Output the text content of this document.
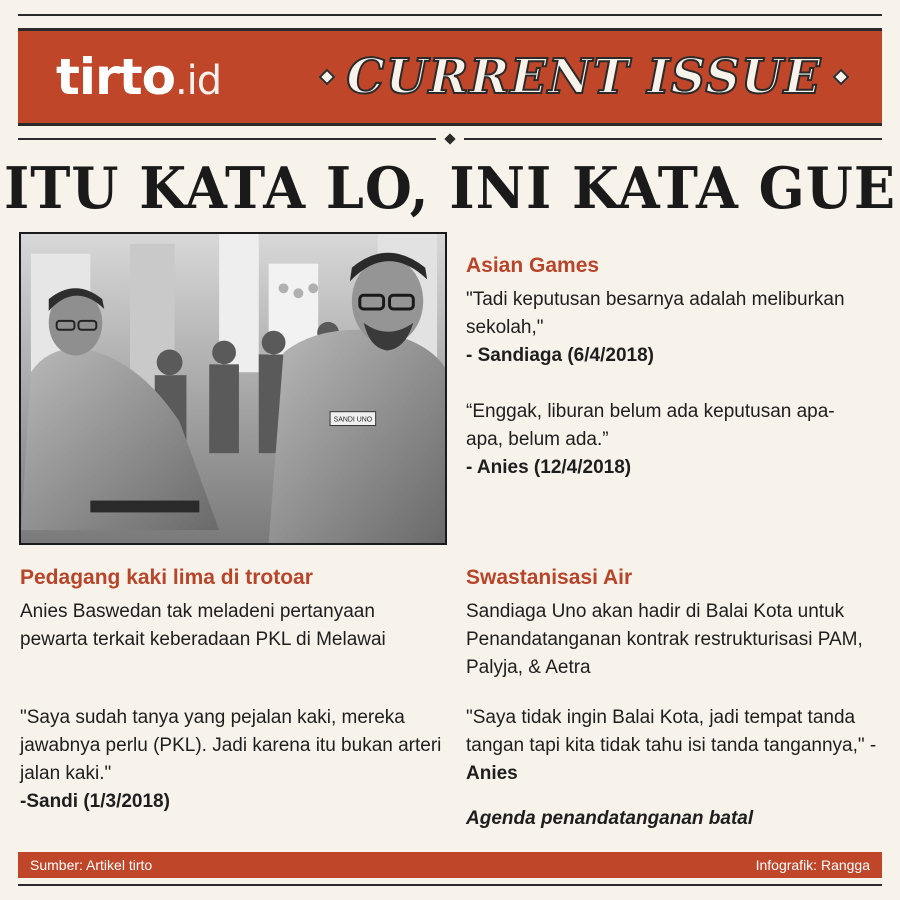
tirto.id	CURRENT ISSUE
ITU KATA LO, INI KATA GUE
SANDI UNO
Asian Games
"Tadi keputusan besarnya adalah meliburkan sekolah,"
- Sandiaga (6/4/2018)
“Enggak, liburan belum ada keputusan apa-apa, belum ada.”
- Anies (12/4/2018)
Pedagang kaki lima di trotoar
Anies Baswedan tak meladeni pertanyaan pewarta terkait keberadaan PKL di Melawai
"Saya sudah tanya yang pejalan kaki, mereka jawabnya perlu (PKL). Jadi karena itu bukan arteri jalan kaki."
-Sandi (1/3/2018)
Swastanisasi Air
Sandiaga Uno akan hadir di Balai Kota untuk Penandatanganan kontrak restrukturisasi PAM, Palyja, & Aetra
"Saya tidak ingin Balai Kota, jadi tempat tanda tangan tapi kita tidak tahu isi tanda tangannya," - Anies
Agenda penandatanganan batal
Sumber: Artikel tirto	Infografik: Rangga
